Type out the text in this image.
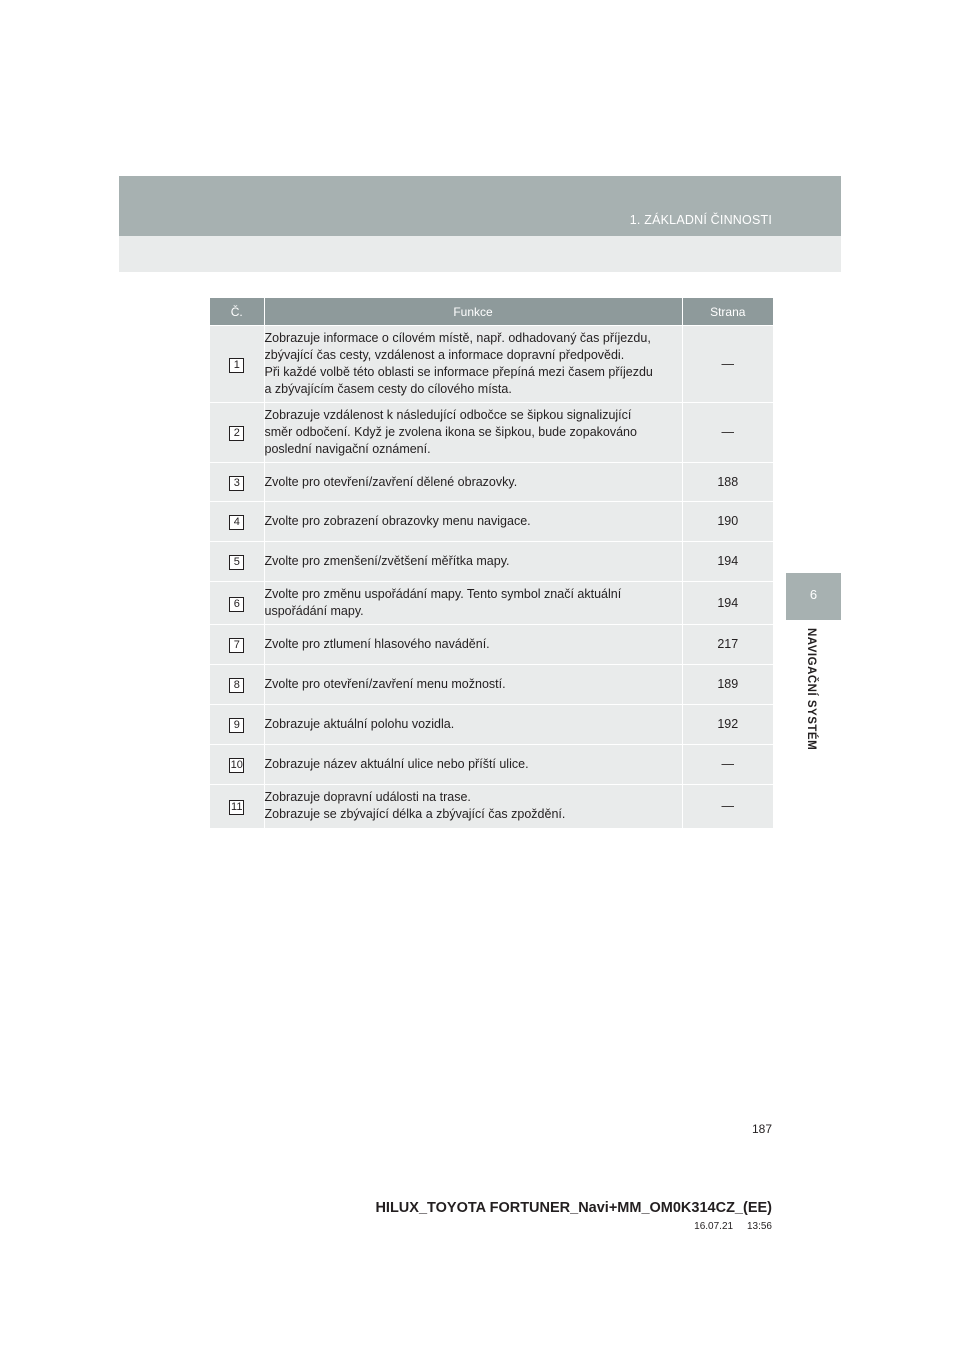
1. ZÁKLADNÍ ČINNOSTI
6
NAVIGAČNÍ SYSTÉM
Č.	Funkce	Strana
1	Zobrazuje informace o cílovém místě, např. odhadovaný čas příjezdu,
zbývající čas cesty, vzdálenost a informace dopravní předpovědi.
Při každé volbě této oblasti se informace přepíná mezi časem příjezdu
a zbývajícím časem cesty do cílového místa.	—
2	Zobrazuje vzdálenost k následující odbočce se šipkou signalizující
směr odbočení. Když je zvolena ikona se šipkou, bude zopakováno
poslední navigační oznámení.	—
3	Zvolte pro otevření/zavření dělené obrazovky.	188
4	Zvolte pro zobrazení obrazovky menu navigace.	190
5	Zvolte pro zmenšení/zvětšení měřítka mapy.	194
6	Zvolte pro změnu uspořádání mapy. Tento symbol značí aktuální
uspořádání mapy.	194
7	Zvolte pro ztlumení hlasového navádění.	217
8	Zvolte pro otevření/zavření menu možností.	189
9	Zobrazuje aktuální polohu vozidla.	192
10	Zobrazuje název aktuální ulice nebo příští ulice.	—
11	Zobrazuje dopravní události na trase.
Zobrazuje se zbývající délka a zbývající čas zpoždění.	—
187
HILUX_TOYOTA FORTUNER_Navi+MM_OM0K314CZ_(EE)
16.07.21     13:56
